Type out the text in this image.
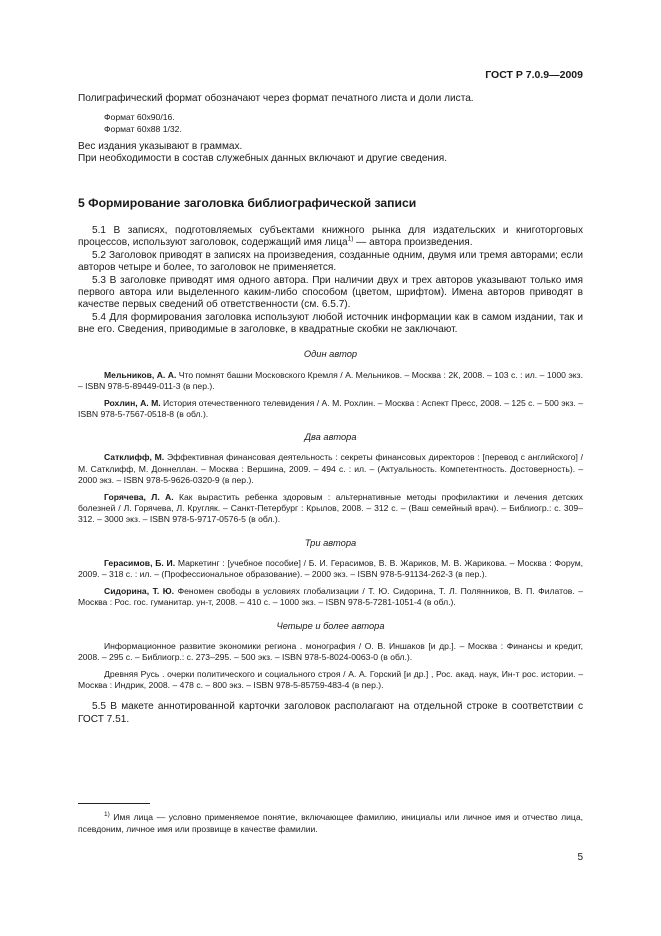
ГОСТ Р 7.0.9—2009

Полиграфический формат обозначают через формат печатного листа и доли листа.

Формат 60х90/16.

Формат 60х88 1/32.

Вес издания указывают в граммах.

При необходимости в состав служебных данных включают и другие сведения.

5 Формирование заголовка библиографической записи

5.1 В записях, подготовляемых субъектами книжного рынка для издательских и книготорговых процессов, используют заголовок, содержащий имя лица$^{1)}$ — автора произведения.

5.2 Заголовок приводят в записях на произведения, созданные одним, двумя или тремя авторами; если авторов четыре и более, то заголовок не применяется.

5.3 В заголовке приводят имя одного автора. При наличии двух и трех авторов указывают только имя первого автора или выделенного каким-либо способом (цветом, шрифтом). Имена авторов приводят в качестве первых сведений об ответственности (см. 6.5.7).

5.4 Для формирования заголовка используют любой источник информации как в самом издании, так и вне его. Сведения, приводимые в заголовке, в квадратные скобки не заключают.

Один автор

Мельников, А. А. Что помнят башни Московского Кремля / А. Мельников. – Москва : 2К, 2008. – 103 с. : ил. – 1000 экз. – ISBN 978-5-89449-011-3 (в пер.).

Рохлин, А. М. История отечественного телевидения / А. М. Рохлин. – Москва : Аспект Пресс, 2008. – 125 с. – 500 экз. – ISBN 978-5-7567-0518-8 (в обл.).

Два автора

Сатклифф, М. Эффективная финансовая деятельность : секреты финансовых директоров : [перевод с английского] / М. Сатклифф, М. Доннеллан. – Москва : Вершина, 2009. – 494 с. : ил. – (Актуальность. Компетентность. Достоверность). – 2000 экз. – ISBN 978-5-9626-0320-9 (в пер.).

Горячева, Л. А. Как вырастить ребенка здоровым : альтернативные методы профилактики и лечения детских болезней / Л. Горячева, Л. Кругляк. – Санкт-Петербург : Крылов, 2008. – 312 с. – (Ваш семейный врач). – Библиогр.: с. 309–312. – 3000 экз. – ISBN 978-5-9717-0576-5 (в обл.).

Три автора

Герасимов, Б. И. Маркетинг : [учебное пособие] / Б. И. Герасимов, В. В. Жариков, М. В. Жарикова. – Москва : Форум, 2009. – 318 с. : ил. – (Профессиональное образование). – 2000 экз. – ISBN 978-5-91134-262-3 (в пер.).

Сидорина, Т. Ю. Феномен свободы в условиях глобализации / Т. Ю. Сидорина, Т. Л. Полянников, В. П. Филатов. – Москва : Рос. гос. гуманитар. ун-т, 2008. – 410 с. – 1000 экз. – ISBN 978-5-7281-1051-4 (в обл.).

Четыре и более автора

Информационное развитие экономики региона . монография / О. В. Иншаков [и др.]. – Москва : Финансы и кредит, 2008. – 295 с. – Библиогр.: с. 273–295. – 500 экз. – ISBN 978-5-8024-0063-0 (в обл.).

Древняя Русь . очерки политического и социального строя / А. А. Горский [и др.] , Рос. акад. наук, Ин-т рос. истории. – Москва : Индрик, 2008. – 478 с. – 800 экз. – ISBN 978-5-85759-483-4 (в пер.).

5.5 В макете аннотированной карточки заголовок располагают на отдельной строке в соответствии с ГОСТ 7.51.

$^{1)}$ Имя лица — условно применяемое понятие, включающее фамилию, инициалы или личное имя и отчество лица, псевдоним, личное имя или прозвище в качестве фамилии.

5
